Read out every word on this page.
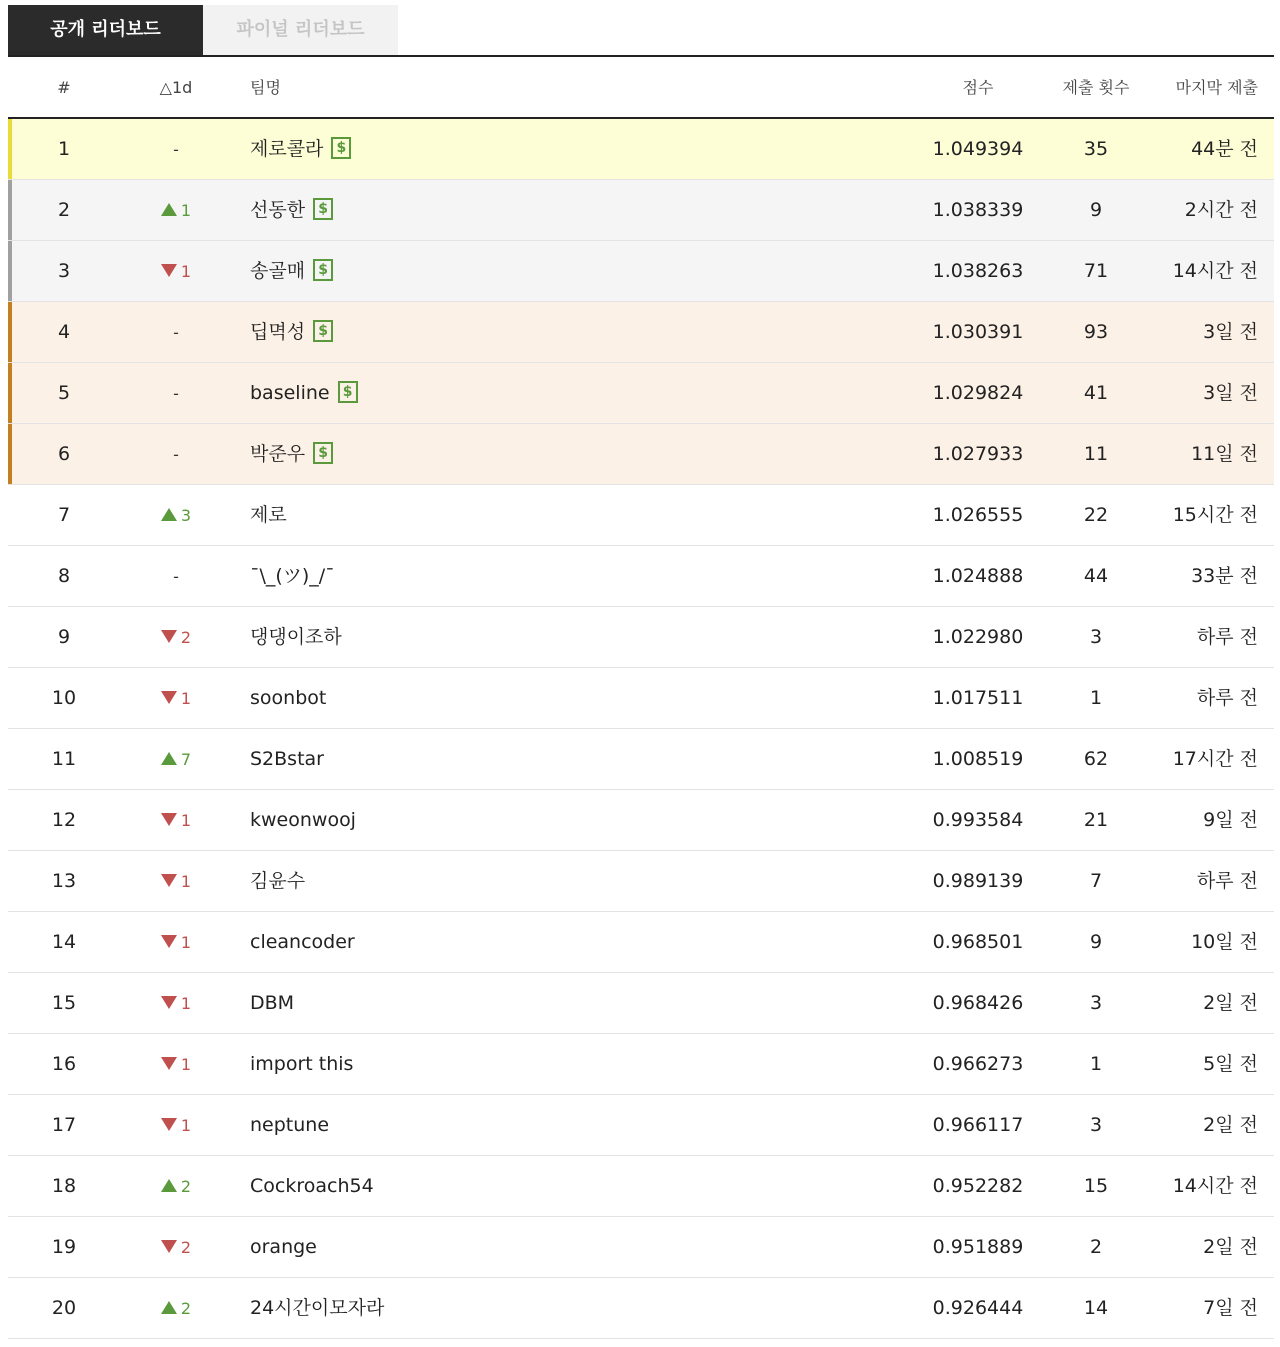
공개 리더보드	파이널 리더보드
#	△1d	팀명	점수	제출 횟수	마지막 제출
1	-	제로콜라 $	1.049394	35	44분 전
2	1	선동한 $	1.038339	9	2시간 전
3	1	송골매 $	1.038263	71	14시간 전
4	-	딥멱성 $	1.030391	93	3일 전
5	-	baseline $	1.029824	41	3일 전
6	-	박준우 $	1.027933	11	11일 전
7	3	제로	1.026555	22	15시간 전
8	-	¯\_(ツ)_/¯	1.024888	44	33분 전
9	2	댕댕이조하	1.022980	3	하루 전
10	1	soonbot	1.017511	1	하루 전
11	7	S2Bstar	1.008519	62	17시간 전
12	1	kweonwooj	0.993584	21	9일 전
13	1	김윤수	0.989139	7	하루 전
14	1	cleancoder	0.968501	9	10일 전
15	1	DBM	0.968426	3	2일 전
16	1	import this	0.966273	1	5일 전
17	1	neptune	0.966117	3	2일 전
18	2	Cockroach54	0.952282	15	14시간 전
19	2	orange	0.951889	2	2일 전
20	2	24시간이모자라	0.926444	14	7일 전
